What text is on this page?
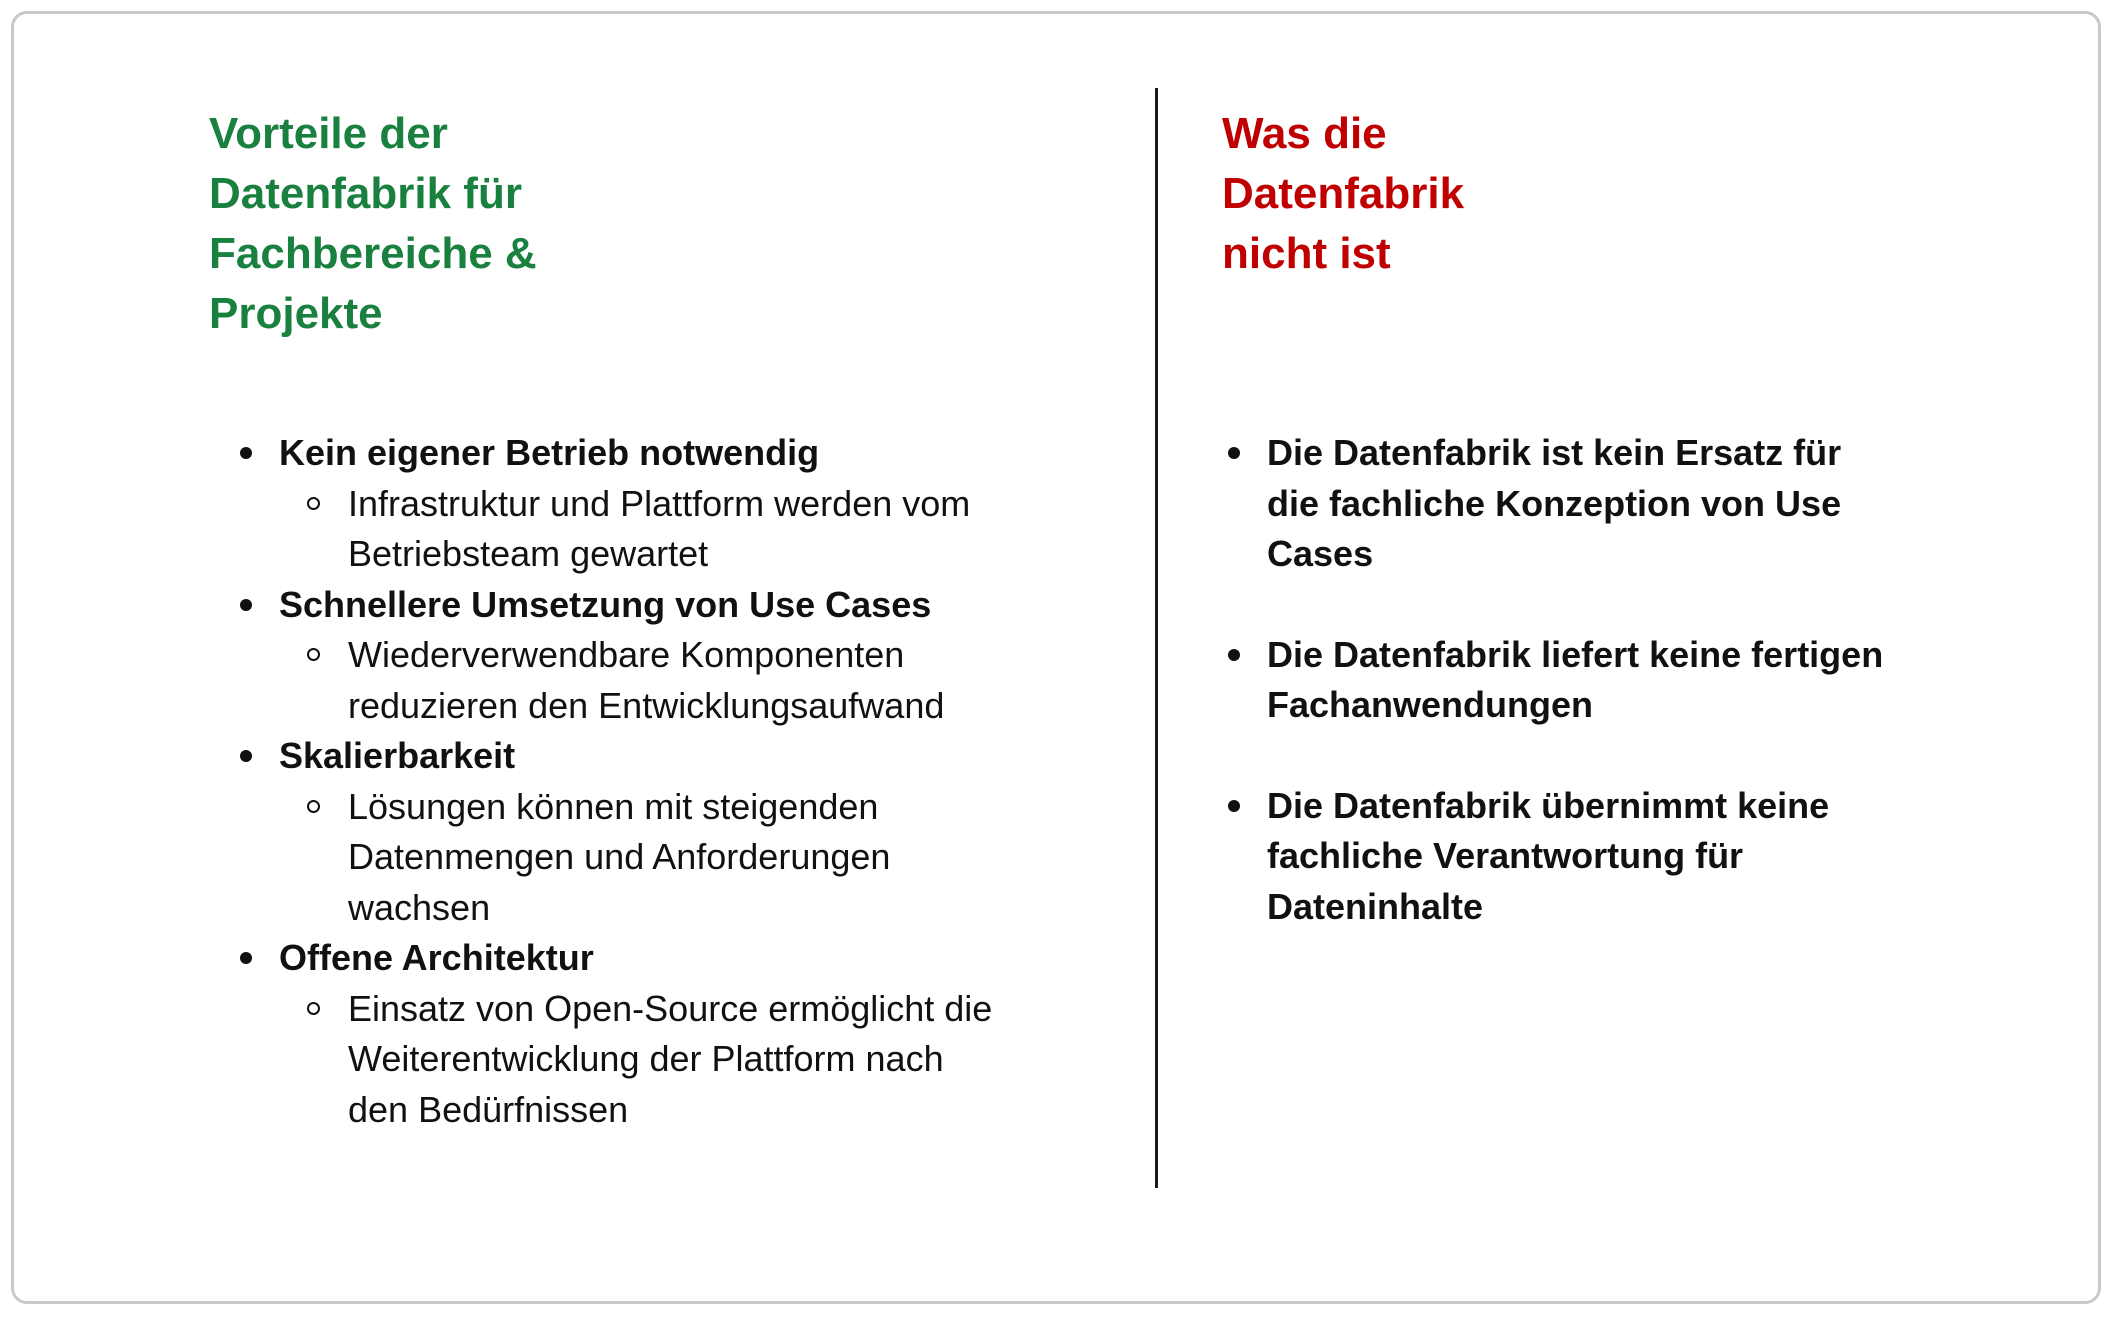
Vorteile der
Datenfabrik für
Fachbereiche &
Projekte
Was die
Datenfabrik
nicht ist
Kein eigener Betrieb notwendig
Infrastruktur und Plattform werden vom Betriebsteam gewartet
Schnellere Umsetzung von Use Cases
Wiederverwendbare Komponenten reduzieren den Entwicklungsaufwand
Skalierbarkeit
Lösungen können mit steigenden Datenmengen und Anforderungen wachsen
Offene Architektur
Einsatz von Open-Source ermöglicht die Weiterentwicklung der Plattform nach den Bedürfnissen
Die Datenfabrik ist kein Ersatz für die fachliche Konzeption von Use Cases
Die Datenfabrik liefert keine fertigen Fachanwendungen
Die Datenfabrik übernimmt keine fachliche Verantwortung für Dateninhalte
